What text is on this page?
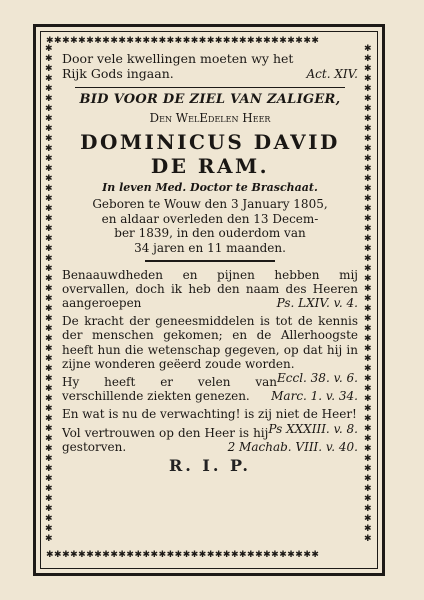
✱✱✱✱✱✱✱✱✱✱✱✱✱✱✱✱✱✱✱✱✱✱✱✱✱✱✱✱✱✱✱✱✱✱
✱✱✱✱✱✱✱✱✱✱✱✱✱✱✱✱✱✱✱✱✱✱✱✱✱✱✱✱✱✱✱✱✱✱
✱✱✱✱✱✱✱✱✱✱✱✱✱✱✱✱✱✱✱✱✱✱✱✱✱✱✱✱✱✱✱✱✱✱✱✱✱✱✱✱✱✱✱✱✱✱✱✱✱✱
✱✱✱✱✱✱✱✱✱✱✱✱✱✱✱✱✱✱✱✱✱✱✱✱✱✱✱✱✱✱✱✱✱✱✱✱✱✱✱✱✱✱✱✱✱✱✱✱✱✱
Door vele kwellingen moeten wy het
Rijk Gods ingaan.	Act. XIV.
BID VOOR DE ZIEL VAN ZALIGER,
Den WelEdelen Heer
DOMINICUS DAVID
DE RAM.
In leven Med. Doctor te Braschaat.
Geboren te Wouw den 3 January 1805,
en aldaar overleden den 13 Decem-
ber 1839, in den ouderdom van
34 jaren en 11 maanden.
Benaauwdheden en pijnen hebben mij overvallen, doch ik heb den naam des Heeren aangeroepen	Ps. LXIV. v. 4.
De kracht der geneesmiddelen is tot de kennis der menschen gekomen; en de Allerhoogste heeft hun die wetenschap gegeven, op dat hij in zijne wonderen geëerd zoude worden.
Eccl. 38. v. 6.
Hy heeft er velen van verschillende ziekten genezen. Marc. 1. v. 34.
En wat is nu de verwachting! is zij niet de Heer!
Ps XXXIII. v. 8.
Vol vertrouwen op den Heer is hij gestorven.	2 Machab. VIII. v. 40.
R. I. P.
